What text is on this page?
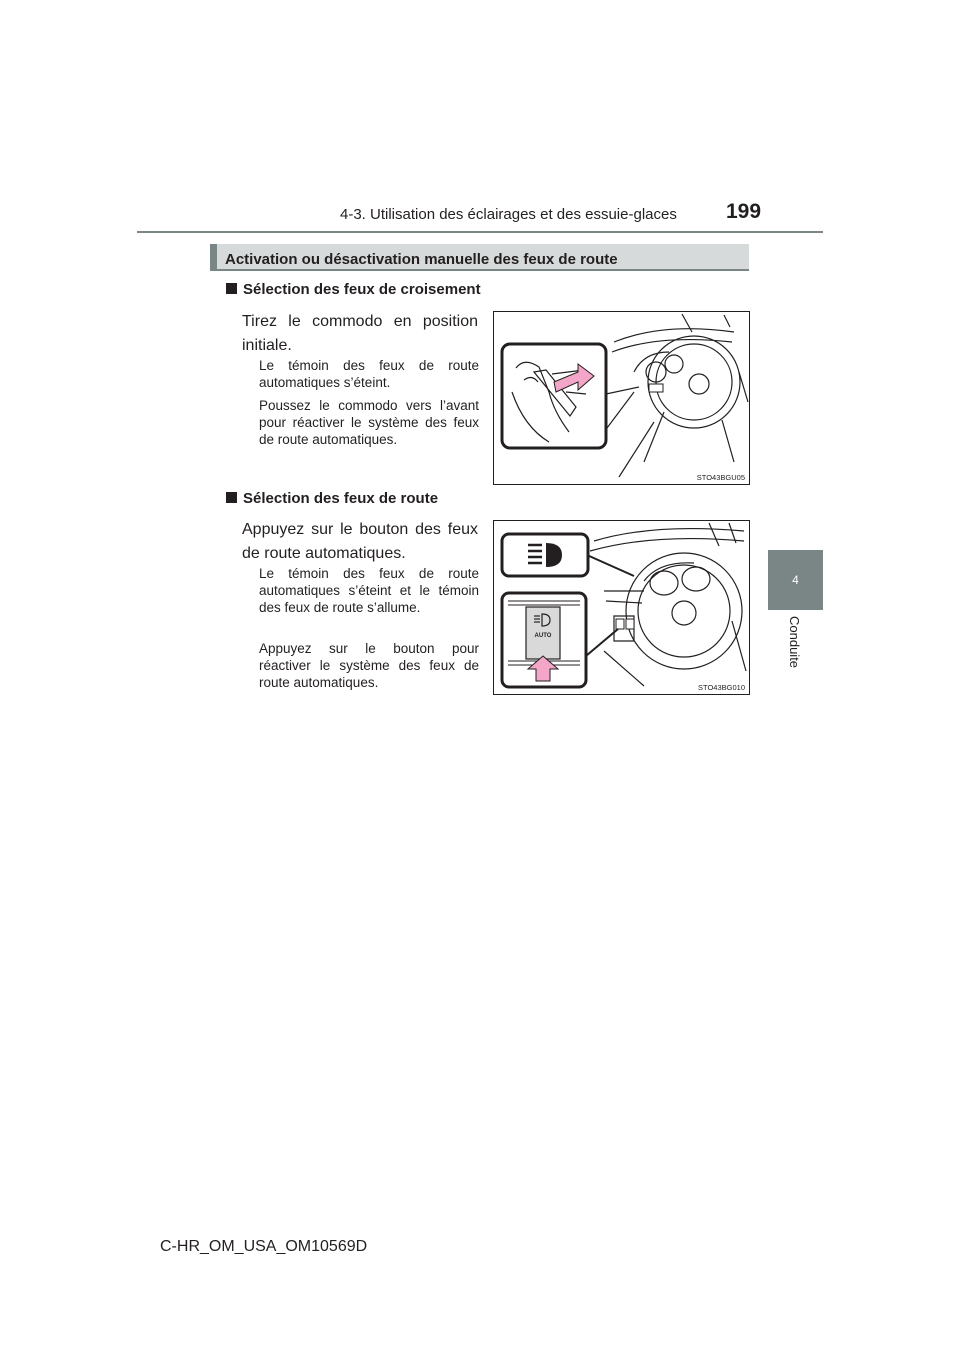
4-3. Utilisation des éclairages et des essuie-glaces 199
4
Conduite
Activation ou désactivation manuelle des feux de route
Sélection des feux de croisement
Tirez le commodo en position initiale.
Le témoin des feux de route automatiques s’éteint.
Poussez le commodo vers l’avant pour réactiver le système des feux de route automatiques.
STO43BGU05
Sélection des feux de route
Appuyez sur le bouton des feux de route automatiques.
Le témoin des feux de route automatiques s’éteint et le témoin des feux de route s’allume.
Appuyez sur le bouton pour réactiver le système des feux de route automatiques.
AUTO
STO43BG010
C-HR_OM_USA_OM10569D
